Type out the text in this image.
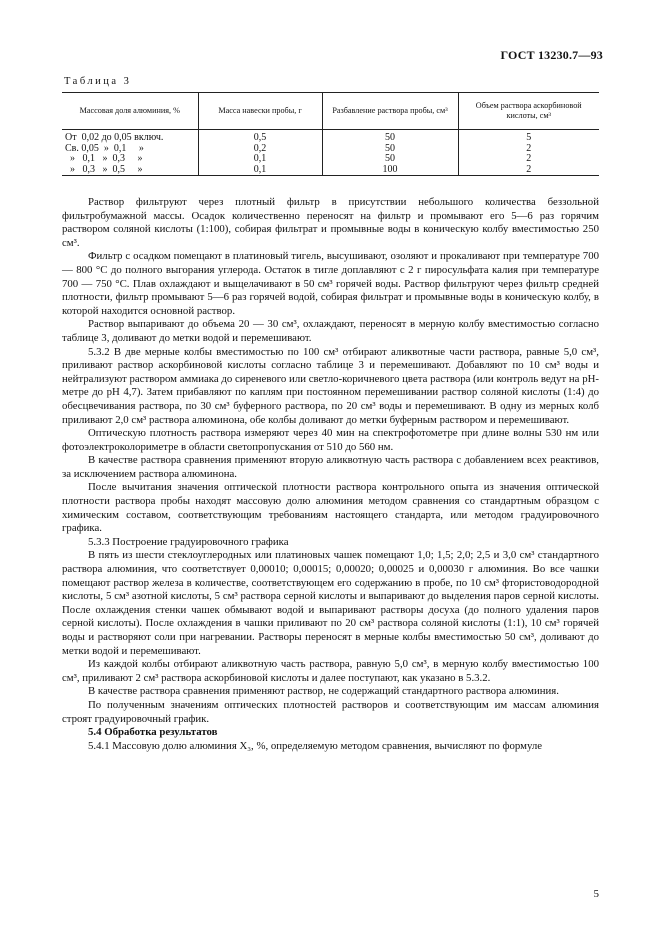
ГОСТ 13230.7—93
Таблица 3
Массовая доля алюминия, %	Масса навески пробы, г	Разбавление раствора пробы, см³	Объем раствора аскорбиновой кислоты, см³
От  0,02 до 0,05 включ.	0,5	50	5
Св. 0,05  »  0,1     »	0,2	50	2
»   0,1   »  0,3     »	0,1	50	2
»   0,3   »  0,5     »	0,1	100	2

Раствор фильтруют через плотный фильтр в присутствии небольшого количества беззольной фильтробумажной массы. Осадок количественно переносят на фильтр и промывают его 5—6 раз горячим раствором соляной кислоты (1:100), собирая фильтрат и промывные воды в коническую колбу вместимостью 250 см³.

Фильтр с осадком помещают в платиновый тигель, высушивают, озоляют и прокаливают при температуре 700 — 800 °С до полного выгорания углерода. Остаток в тигле доплавляют с 2 г пиросульфата калия при температуре 700 — 750 °С. Плав охлаждают и выщелачивают в 50 см³ горячей воды. Раствор фильтруют через фильтр средней плотности, фильтр промывают 5—6 раз горячей водой, собирая фильтрат и промывные воды в коническую колбу, в которой находится основной раствор.

Раствор выпаривают до объема 20 — 30 см³, охлаждают, переносят в мерную колбу вместимостью согласно таблице 3, доливают до метки водой и перемешивают.

5.3.2 В две мерные колбы вместимостью по 100 см³ отбирают аликвотные части раствора, равные 5,0 см³, приливают раствор аскорбиновой кислоты согласно таблице 3 и перемешивают. Добавляют по 10 см³ воды и нейтрализуют раствором аммиака до сиреневого или светло-коричневого цвета раствора (или контроль ведут на pH-метре до pH 4,7). Затем прибавляют по каплям при постоянном перемешивании раствор соляной кислоты (1:4) до обесцвечивания раствора, по 30 см³ буферного раствора, по 20 см³ воды и перемешивают. В одну из мерных колб приливают 2,0 см³ раствора алюминона, обе колбы доливают до метки буферным раствором и перемешивают.

Оптическую плотность раствора измеряют через 40 мин на спектрофотометре при длине волны 530 нм или фотоэлектроколориметре в области светопропускания от 510 до 560 нм.

В качестве раствора сравнения применяют вторую аликвотную часть раствора с добавлением всех реактивов, за исключением раствора алюминона.

После вычитания значения оптической плотности раствора контрольного опыта из значения оптической плотности раствора пробы находят массовую долю алюминия методом сравнения со стандартным образцом с химическим составом, соответствующим требованиям настоящего стандарта, или методом градуировочного графика.

5.3.3 Построение градуировочного графика

В пять из шести стеклоуглеродных или платиновых чашек помещают 1,0; 1,5; 2,0; 2,5 и 3,0 см³ стандартного раствора алюминия, что соответствует 0,00010; 0,00015; 0,00020; 0,00025 и 0,00030 г алюминия. Во все чашки помещают раствор железа в количестве, соответствующем его содержанию в пробе, по 10 см³ фтористоводородной кислоты, 5 см³ азотной кислоты, 5 см³ раствора серной кислоты и выпаривают до выделения паров серной кислоты. После охлаждения стенки чашек обмывают водой и выпаривают растворы досуха (до полного удаления паров серной кислоты). После охлаждения в чашки приливают по 20 см³ раствора соляной кислоты (1:1), 10 см³ горячей воды и растворяют соли при нагревании. Растворы переносят в мерные колбы вместимостью 50 см³, доливают до метки водой и перемешивают.

Из каждой колбы отбирают аликвотную часть раствора, равную 5,0 см³, в мерную колбу вместимостью 100 см³, приливают 2 см³ раствора аскорбиновой кислоты и далее поступают, как указано в 5.3.2.

В качестве раствора сравнения применяют раствор, не содержащий стандартного раствора алюминия.

По полученным значениям оптических плотностей растворов и соответствующим им массам алюминия строят градуировочный график.

5.4 Обработка результатов

5.4.1 Массовую долю алюминия X₃, %, определяемую методом сравнения, вычисляют по формуле

5
